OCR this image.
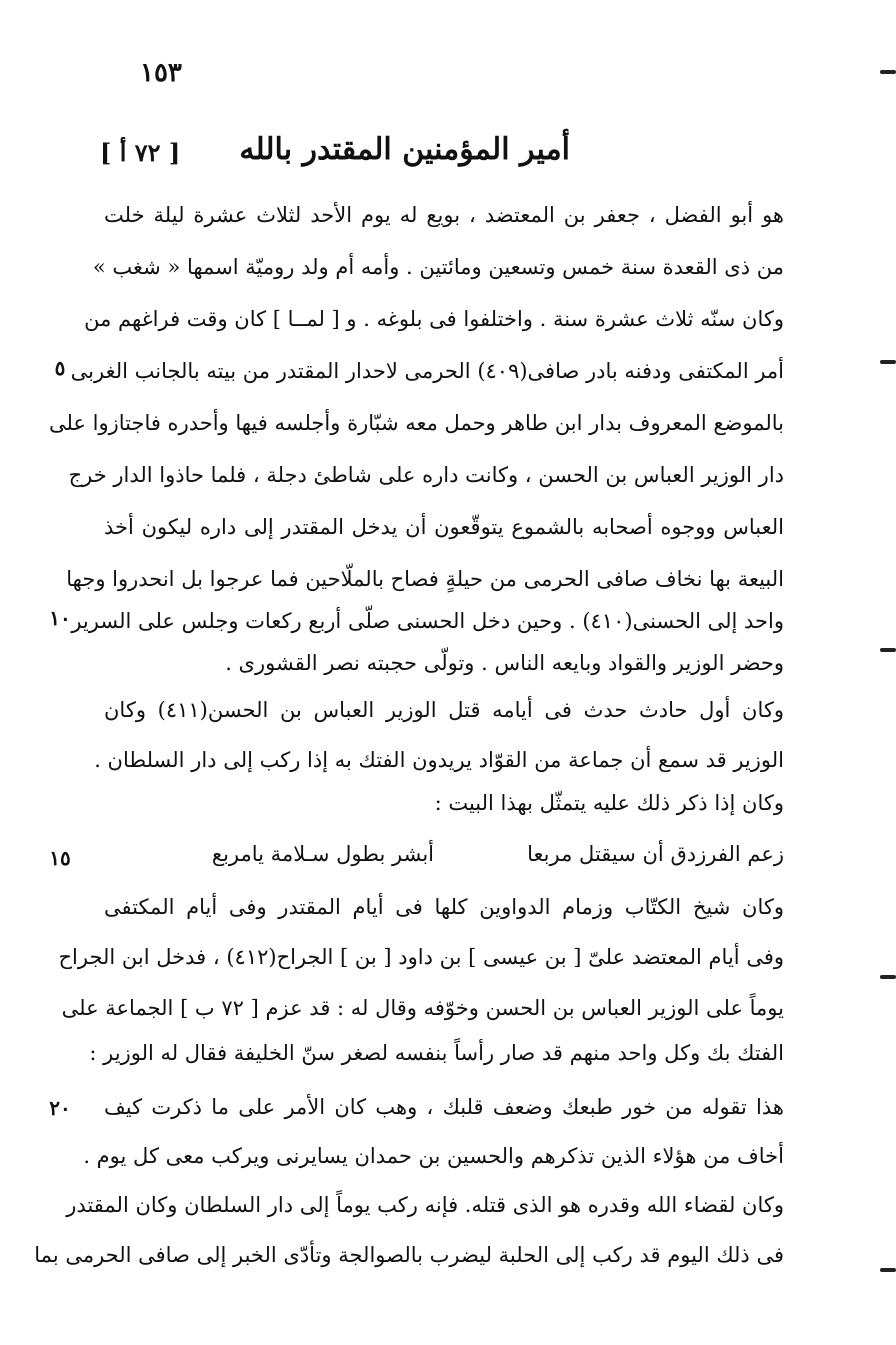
١٥٣
أمير المؤمنين المقتدر بالله
[ ٧٢ أ ]
هو أبو الفضل ، جعفر بن المعتضد ، بويع له يوم الأحد لثلاث عشرة ليلة خلت
من ذى القعدة سنة خمس وتسعين ومائتين . وأمه أم ولد روميّة اسمها « شغب »
وكان سنّه ثلاث عشرة سنة . واختلفوا فى بلوغه . و [ لمــا ] كان وقت فراغهم من
أمر المكتفى ودفنه بادر صافى(٤٠٩) الحرمى لاحدار المقتدر من بيته بالجانب الغربى
بالموضع المعروف بدار ابن طاهر وحمل معه شبّارة وأجلسه فيها وأحدره فاجتازوا على
دار الوزير العباس بن الحسن ، وكانت داره على شاطئ دجلة ، فلما حاذوا الدار خرج
العباس ووجوه أصحابه بالشموع يتوقّعون أن يدخل المقتدر إلى داره ليكون أخذ
البيعة بها نخاف صافى الحرمى من حيلةٍ فصاح بالملّاحين فما عرجوا بل انحدروا وجها
واحد إلى الحسنى(٤١٠) . وحين دخل الحسنى صلّى أربع ركعات وجلس على السرير
وحضر الوزير والقواد وبايعه الناس . وتولّى حجبته نصر القشورى .
وكان أول حادث حدث فى أيامه قتل الوزير العباس بن الحسن(٤١١) وكان
الوزير قد سمع أن جماعة من القوّاد يريدون الفتك به إذا ركب إلى دار السلطان .
وكان إذا ذكر ذلك عليه يتمثّل بهذا البيت :
زعم الفرزدق أن سيقتل مربعا
أبشر بطول سـلامة يامربع
وكان شيخ الكتّاب وزمام الدواوين كلها فى أيام المقتدر وفى أيام المكتفى
وفى أيام المعتضد علىّ [ بن عيسى ] بن داود [ بن ] الجراح(٤١٢) ، فدخل ابن الجراح
يوماً على الوزير العباس بن الحسن وخوّفه وقال له : قد عزم [ ٧٢ ب ] الجماعة على
الفتك بك وكل واحد منهم قد صار رأساً بنفسه لصغر سنّ الخليفة فقال له الوزير :
هذا تقوله من خور طبعك وضعف قلبك ، وهب كان الأمر على ما ذكرت كيف
أخاف من هؤلاء الذين تذكرهم والحسين بن حمدان يسايرنى ويركب معى كل يوم .
وكان لقضاء الله وقدره هو الذى قتله. فإنه ركب يوماً إلى دار السلطان وكان المقتدر
فى ذلك اليوم قد ركب إلى الحلبة ليضرب بالصوالجة وتأدّى الخبر إلى صافى الحرمى بما
٥
١٠
١٥
٢٠
